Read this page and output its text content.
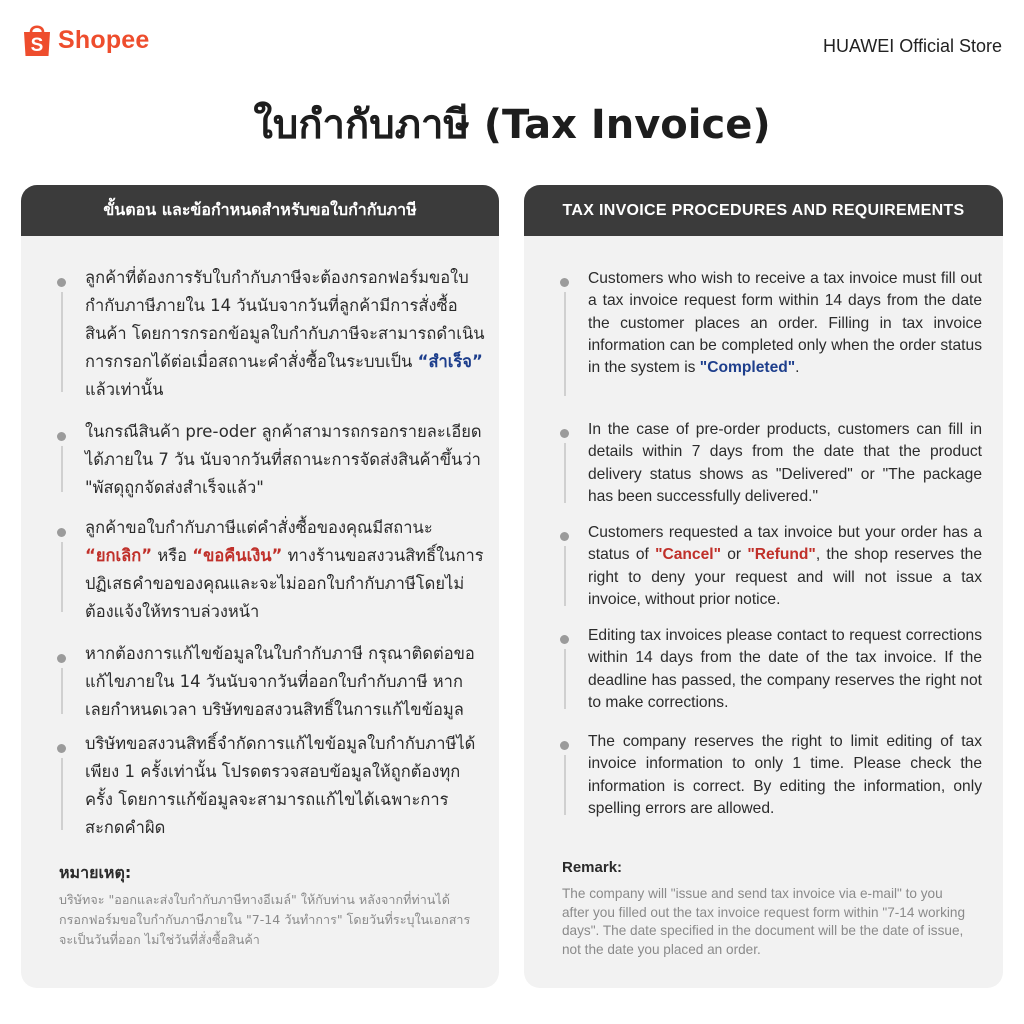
S Shopee	HUAWEI Official Store
ใบกำกับภาษี (Tax Invoice)
ขั้นตอน และข้อกำหนดสำหรับขอใบกำกับภาษี
ลูกค้าที่ต้องการรับใบกำกับภาษีจะต้องกรอกฟอร์มขอใบกำกับภาษีภายใน 14 วันนับจากวันที่ลูกค้ามีการสั่งซื้อสินค้า โดยการกรอกข้อมูลใบกำกับภาษีจะสามารถดำเนินการกรอกได้ต่อเมื่อสถานะคำสั่งซื้อในระบบเป็น “สำเร็จ” แล้วเท่านั้น
ในกรณีสินค้า pre-oder ลูกค้าสามารถกรอกรายละเอียดได้ภายใน 7 วัน นับจากวันที่สถานะการจัดส่งสินค้าขึ้นว่า "พัสดุถูกจัดส่งสำเร็จแล้ว"
ลูกค้าขอใบกำกับภาษีแต่คำสั่งซื้อของคุณมีสถานะ “ยกเลิก” หรือ “ขอคืนเงิน” ทางร้านขอสงวนสิทธิ์ในการปฏิเสธคำขอของคุณและจะไม่ออกใบกำกับภาษีโดยไม่ต้องแจ้งให้ทราบล่วงหน้า
หากต้องการแก้ไขข้อมูลในใบกำกับภาษี กรุณาติดต่อขอแก้ไขภายใน 14 วันนับจากวันที่ออกใบกำกับภาษี หากเลยกำหนดเวลา บริษัทขอสงวนสิทธิ์ในการแก้ไขข้อมูล
บริษัทขอสงวนสิทธิ์จำกัดการแก้ไขข้อมูลใบกำกับภาษีได้เพียง 1 ครั้งเท่านั้น โปรดตรวจสอบข้อมูลให้ถูกต้องทุกครั้ง โดยการแก้ข้อมูลจะสามารถแก้ไขได้เฉพาะการสะกดคำผิด
หมายเหตุ:
บริษัทจะ "ออกและส่งใบกำกับภาษีทางอีเมล์" ให้กับท่าน หลังจากที่ท่านได้กรอกฟอร์มขอใบกำกับภาษีภายใน "7-14 วันทำการ" โดยวันที่ระบุในเอกสารจะเป็นวันที่ออก ไม่ใช่วันที่สั่งซื้อสินค้า
TAX INVOICE PROCEDURES AND REQUIREMENTS
Customers who wish to receive a tax invoice must fill out a tax invoice request form within 14 days from the date the customer places an order. Filling in tax invoice information can be completed only when the order status in the system is "Completed".
In the case of pre-order products, customers can fill in details within 7 days from the date that the product delivery status shows as "Delivered" or "The package has been successfully delivered."
Customers requested a tax invoice but your order has a status of "Cancel" or "Refund", the shop reserves the right to deny your request and will not issue a tax invoice, without prior notice.
Editing tax invoices please contact to request corrections within 14 days from the date of the tax invoice. If the deadline has passed, the company reserves the right not to make corrections.
The company reserves the right to limit editing of tax invoice information to only 1 time. Please check the information is correct. By editing the information, only spelling errors are allowed.
Remark:
The company will "issue and send tax invoice via e-mail" to you after you filled out the tax invoice request form within "7-14 working days". The date specified in the document will be the date of issue, not the date you placed an order.
